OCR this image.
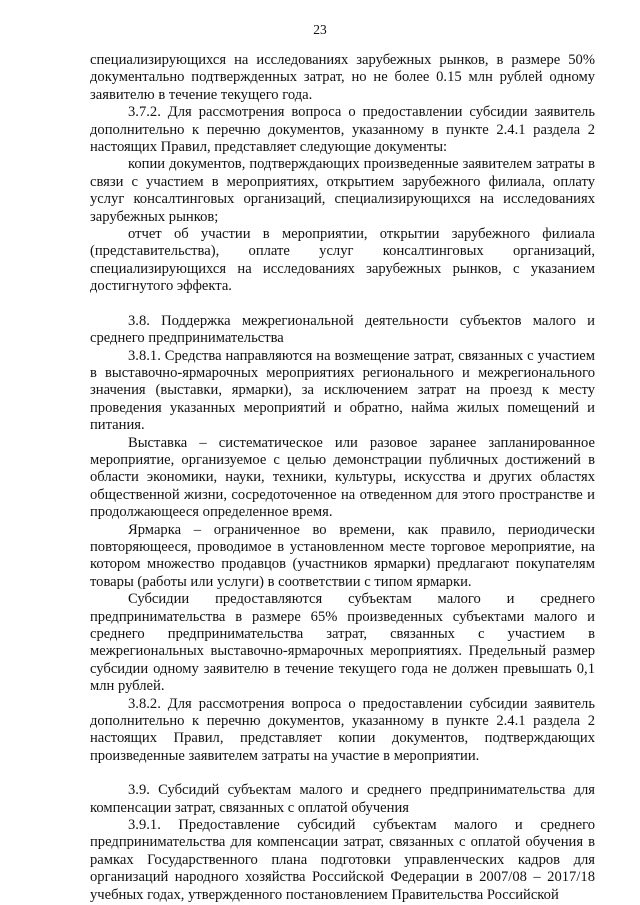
23

специализирующихся на исследованиях зарубежных рынков, в размере 50% документально подтвержденных затрат, но не более 0.15 млн рублей одному заявителю в течение текущего года.

3.7.2. Для рассмотрения вопроса о предоставлении субсидии заявитель дополнительно к перечню документов, указанному в пункте 2.4.1 раздела 2 настоящих Правил, представляет следующие документы:

копии документов, подтверждающих произведенные заявителем затраты в связи с участием в мероприятиях, открытием зарубежного филиала, оплату услуг консалтинговых организаций, специализирующихся на исследованиях зарубежных рынков;

отчет об участии в мероприятии, открытии зарубежного филиала (представительства), оплате услуг консалтинговых организаций, специализирующихся на исследованиях зарубежных рынков, с указанием достигнутого эффекта.

3.8. Поддержка межрегиональной деятельности субъектов малого и среднего предпринимательства

3.8.1. Средства направляются на возмещение затрат, связанных с участием в выставочно-ярмарочных мероприятиях регионального и межрегионального значения (выставки, ярмарки), за исключением затрат на проезд к месту проведения указанных мероприятий и обратно, найма жилых помещений и питания.

Выставка – систематическое или разовое заранее запланированное мероприятие, организуемое с целью демонстрации публичных достижений в области экономики, науки, техники, культуры, искусства и других областях общественной жизни, сосредоточенное на отведенном для этого пространстве и продолжающееся определенное время.

Ярмарка – ограниченное во времени, как правило, периодически повторяющееся, проводимое в установленном месте торговое мероприятие, на котором множество продавцов (участников ярмарки) предлагают покупателям товары (работы или услуги) в соответствии с типом ярмарки.

Субсидии предоставляются субъектам малого и среднего предпринимательства в размере 65% произведенных субъектами малого и среднего предпринимательства затрат, связанных с участием в межрегиональных выставочно-ярмарочных мероприятиях. Предельный размер субсидии одному заявителю в течение текущего года не должен превышать 0,1 млн рублей.

3.8.2. Для рассмотрения вопроса о предоставлении субсидии заявитель дополнительно к перечню документов, указанному в пункте 2.4.1 раздела 2 настоящих Правил, представляет копии документов, подтверждающих произведенные заявителем затраты на участие в мероприятии.

3.9. Субсидий субъектам малого и среднего предпринимательства для компенсации затрат, связанных с оплатой обучения

3.9.1. Предоставление субсидий субъектам малого и среднего предпринимательства для компенсации затрат, связанных с оплатой обучения в рамках Государственного плана подготовки управленческих кадров для организаций народного хозяйства Российской Федерации в 2007/08 – 2017/18 учебных годах, утвержденного постановлением Правительства Российской
